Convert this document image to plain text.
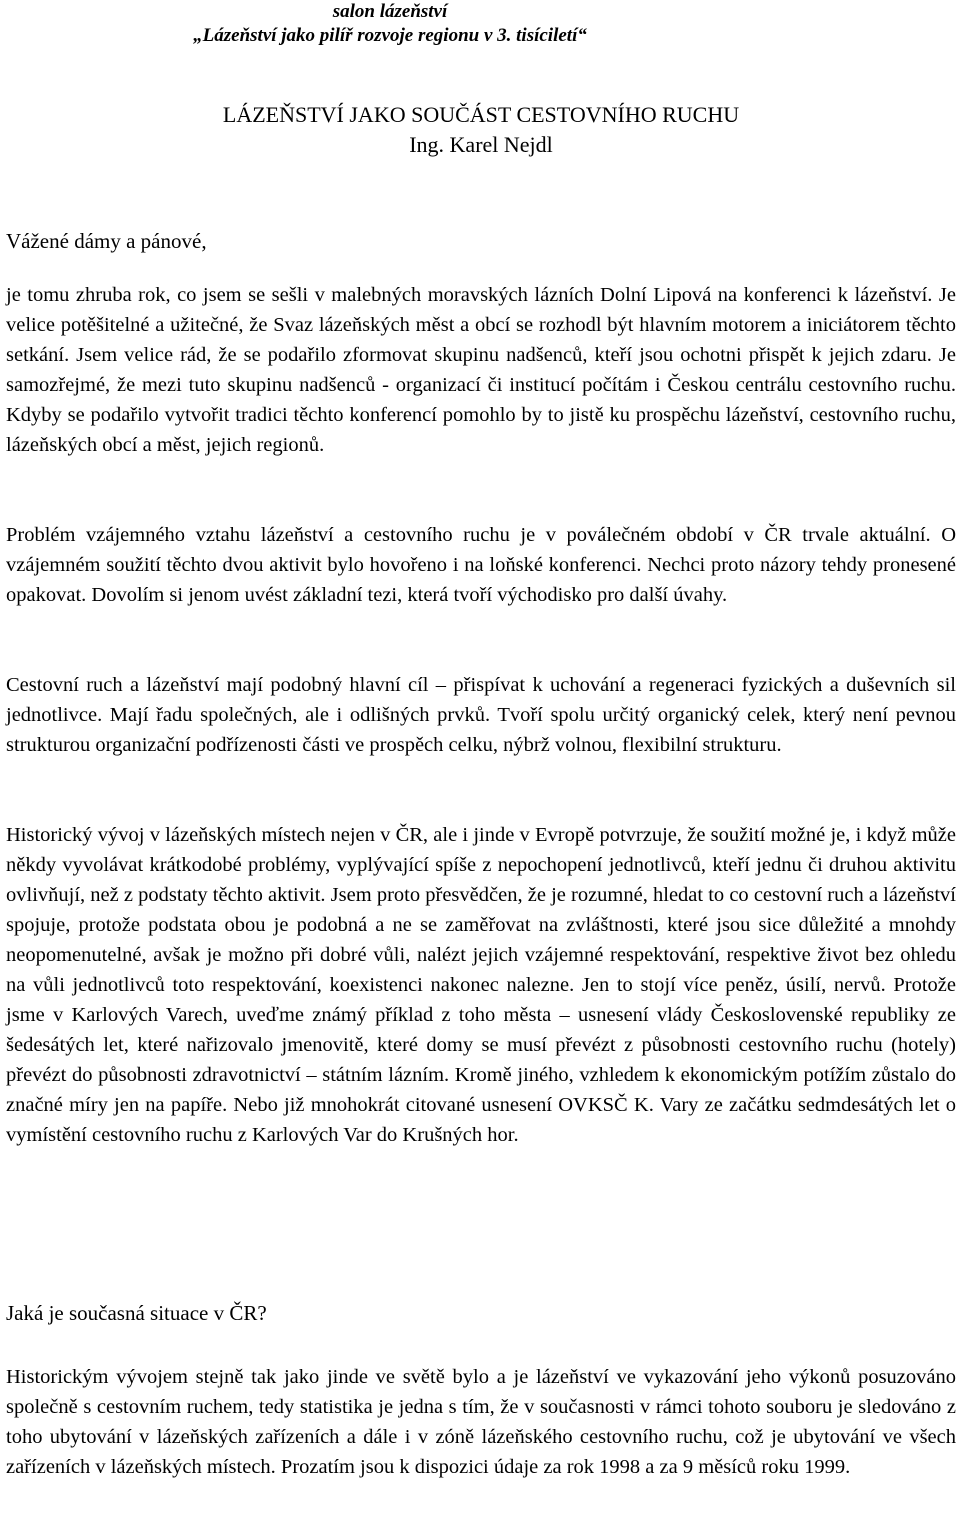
salon lázeňství
„Lázeňství jako pilíř rozvoje regionu v 3. tisíciletí“
LÁZEŇSTVÍ JAKO SOUČÁST CESTOVNÍHO RUCHU
Ing. Karel Nejdl
Vážené dámy a pánové,
je tomu zhruba rok, co jsem se sešli v malebných moravských lázních Dolní Lipová na konferenci k lázeňství. Je velice potěšitelné a užitečné, že Svaz lázeňských měst a obcí se rozhodl být hlavním motorem a iniciátorem těchto setkání. Jsem velice rád, že se podařilo zformovat skupinu nadšenců, kteří jsou ochotni přispět k jejich zdaru. Je samozřejmé, že mezi tuto skupinu nadšenců - organizací či institucí počítám i Českou centrálu cestovního ruchu. Kdyby se podařilo vytvořit tradici těchto konferencí pomohlo by to jistě ku prospěchu lázeňství, cestovního ruchu, lázeňských obcí a měst, jejich regionů.
Problém vzájemného vztahu lázeňství a cestovního ruchu je v poválečném období v ČR trvale aktuální. O vzájemném soužití těchto dvou aktivit bylo hovořeno i na loňské konferenci. Nechci proto názory tehdy pronesené opakovat. Dovolím si jenom uvést základní tezi, která tvoří východisko pro další úvahy.
Cestovní ruch a lázeňství mají podobný hlavní cíl – přispívat k uchování a regeneraci fyzických a duševních sil jednotlivce. Mají řadu společných, ale i odlišných prvků. Tvoří spolu určitý organický celek, který není pevnou strukturou organizační podřízenosti části ve prospěch celku, nýbrž volnou, flexibilní strukturu.
Historický vývoj v lázeňských místech nejen v ČR, ale i jinde v Evropě potvrzuje, že soužití možné je, i když může někdy vyvolávat krátkodobé problémy, vyplývající spíše z nepochopení jednotlivců, kteří jednu či druhou aktivitu ovlivňují, než z podstaty těchto aktivit. Jsem proto přesvědčen, že je rozumné, hledat to co cestovní ruch a lázeňství spojuje, protože podstata obou je podobná a ne se zaměřovat na zvláštnosti, které jsou sice důležité a mnohdy neopomenutelné, avšak je možno při dobré vůli, nalézt jejich vzájemné respektování, respektive život bez ohledu na vůli jednotlivců toto respektování, koexistenci nakonec nalezne. Jen to stojí více peněz, úsilí, nervů. Protože jsme v Karlových Varech, uveďme známý příklad z toho města – usnesení vlády Československé republiky ze šedesátých let, které nařizovalo jmenovitě, které domy se musí převézt z působnosti cestovního ruchu (hotely) převézt do působnosti zdravotnictví – státním lázním. Kromě jiného, vzhledem k ekonomickým potížím zůstalo do značné míry jen na papíře. Nebo již mnohokrát citované usnesení OVKSČ K. Vary ze začátku sedmdesátých let o vymístění cestovního ruchu z Karlových Var do Krušných hor.
Jaká je současná situace v ČR?
Historickým vývojem stejně tak jako jinde ve světě bylo a je lázeňství ve vykazování jeho výkonů posuzováno společně s cestovním ruchem, tedy statistika je jedna s tím, že v současnosti v rámci tohoto souboru je sledováno z toho ubytování v lázeňských zařízeních a dále i v zóně lázeňského cestovního ruchu, což je ubytování ve všech zařízeních v lázeňských místech. Prozatím jsou k dispozici údaje za rok 1998 a za 9 měsíců roku 1999.
